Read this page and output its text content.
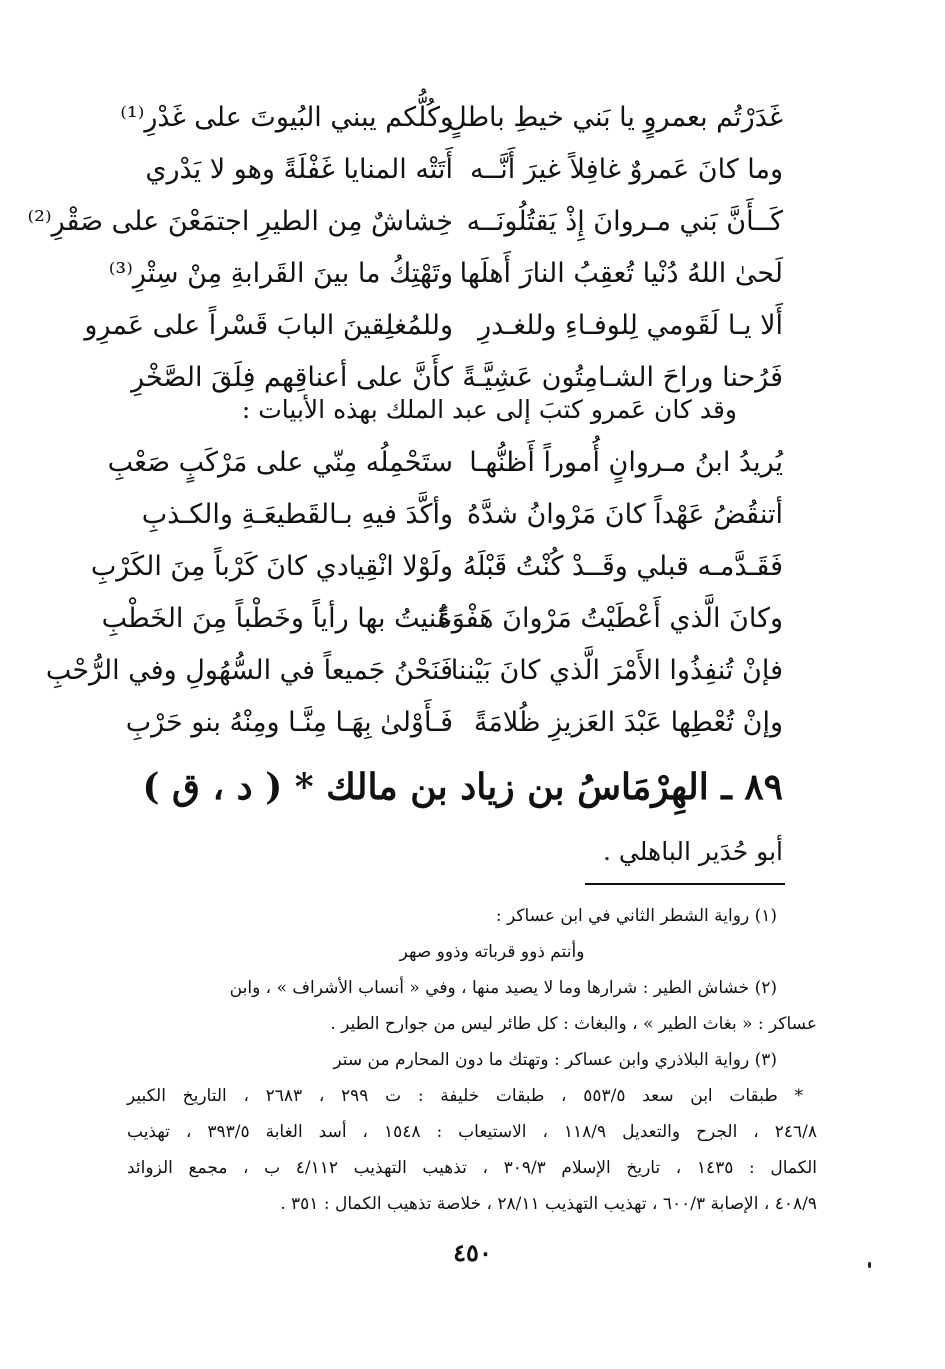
غَدَرْتُم بعمروٍ يا بَني خيطِ باطلٍ
وكُلُّكم يبني البُيوتَ على غَدْرِ⁽¹⁾
وما كانَ عَمروٌ غافِلاً غيرَ أَنَّــه
أَتَتْه المنايا غَفْلَةً وهو لا يَدْري
كَــأَنَّ بَني مـروانَ إِذْ يَقتُلُونَــه
خِشاشٌ مِن الطيرِ اجتمَعْنَ على صَقْرِ⁽²⁾
لَحىٰ اللهُ دُنْيا تُعقِبُ النارَ أَهلَها
وتَهْتِكُ ما بينَ القَرابةِ مِنْ سِتْرِ⁽³⁾
أَلا يـا لَقَومي لِلوفـاءِ وللغـدرِ
وللمُغلِقينَ البابَ قَسْراً على عَمرِو
فَرُحنا وراحَ الشـامِتُون عَشِيَّـةً
كأَنَّ على أعناقِهم فِلَقَ الصَّخْرِ
وقد كان عَمرو كتبَ إلى عبد الملك بهذه الأبيات :
يُريدُ ابنُ مـروانٍ أُموراً أَظنُّهـا
ستَحْمِلُه مِنّي على مَرْكَبٍ صَعْبِ
أتنقُضُ عَهْداً كانَ مَرْوانُ شدَّهُ
وأكَّدَ فيهِ بـالقَطيعَـةِ والكـذبِ
فَقَـدَّمـه قبلي وقَــدْ كُنْتُ قَبْلَهُ
ولَوْلا انْقِيادي كانَ كَرْباً مِنَ الكَرْبِ
وكانَ الَّذي أَعْطَيْتُ مَرْوانَ هَفْوَةً
عُنيتُ بها رأياً وخَطْباً مِنَ الخَطْبِ
فإنْ تُنفِذُوا الأَمْرَ الَّذي كانَ بَيْننا
فَنَحْنُ جَميعاً في السُّهُولِ وفي الرُّحْبِ
وإنْ تُعْطِها عَبْدَ العَزيزِ ظُلامَةً
فَـأَوْلىٰ بِهَـا مِنَّـا ومِنْهُ بنو حَرْبِ
٨٩ ـ الهِرْمَاسُ بن زياد بن مالك * ( د ، ق )
أبو حُدَير الباهلي .
(١) رواية الشطر الثاني في ابن عساكر :
وأنتم ذوو قرباته وذوو صهر
(٢) خشاش الطير : شرارها وما لا يصيد منها ، وفي « أنساب الأشراف » ، وابن
عساكر : « بغاث الطير » ، والبغاث : كل طائر ليس من جوارح الطير .
(٣) رواية البلاذري وابن عساكر : وتهتك ما دون المحارم من ستر
* طبقات ابن سعد ٥٥٣/٥ ، طبقات خليفة : ت ٢٩٩ ، ٢٦٨٣ ، التاريخ الكبير
٢٤٦/٨ ، الجرح والتعديل ١١٨/٩ ، الاستيعاب : ١٥٤٨ ، أسد الغابة ٣٩٣/٥ ، تهذيب
الكمال : ١٤٣٥ ، تاريخ الإسلام ٣٠٩/٣ ، تذهيب التهذيب ٤/١١٢ ب ، مجمع الزوائد
٤٠٨/٩ ، الإصابة ٦٠٠/٣ ، تهذيب التهذيب ٢٨/١١ ، خلاصة تذهيب الكمال : ٣٥١ .
٤٥٠
